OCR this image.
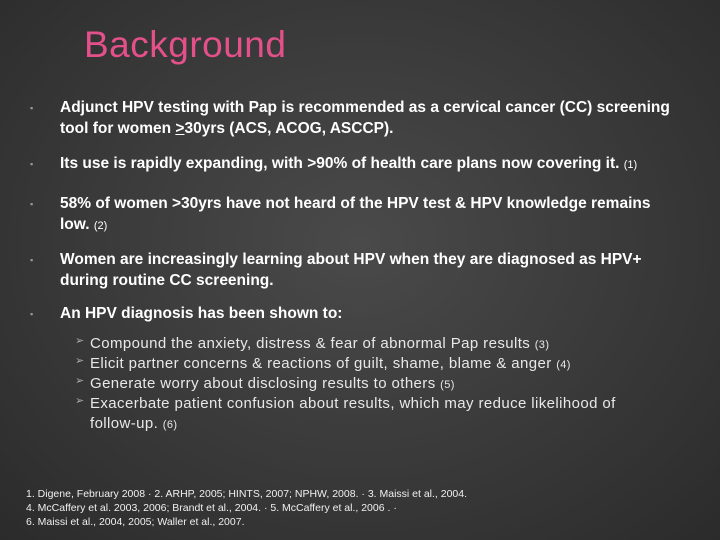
Background
▪ Adjunct HPV testing with Pap is recommended as a cervical cancer (CC) screening tool for women >30yrs (ACS, ACOG, ASCCP).
▪ Its use is rapidly expanding, with >90% of health care plans now covering it. (1)
▪ 58% of women >30yrs have not heard of the HPV test & HPV knowledge remains low. (2)
▪ Women are increasingly learning about HPV when they are diagnosed as HPV+ during routine CC screening.
▪ An HPV diagnosis has been shown to:
➢ Compound the anxiety, distress & fear of abnormal Pap results (3)
➢ Elicit partner concerns & reactions of guilt, shame, blame & anger (4)
➢ Generate worry about disclosing results to others (5)
➢ Exacerbate patient confusion about results, which may reduce likelihood of follow-up. (6)
1. Digene, February 2008 · 2. ARHP, 2005; HINTS, 2007; NPHW, 2008. · 3. Maissi et al., 2004.
4. McCaffery et al. 2003, 2006; Brandt et al., 2004. · 5. McCaffery et al., 2006 . ·
6. Maissi et al., 2004, 2005; Waller et al., 2007.
